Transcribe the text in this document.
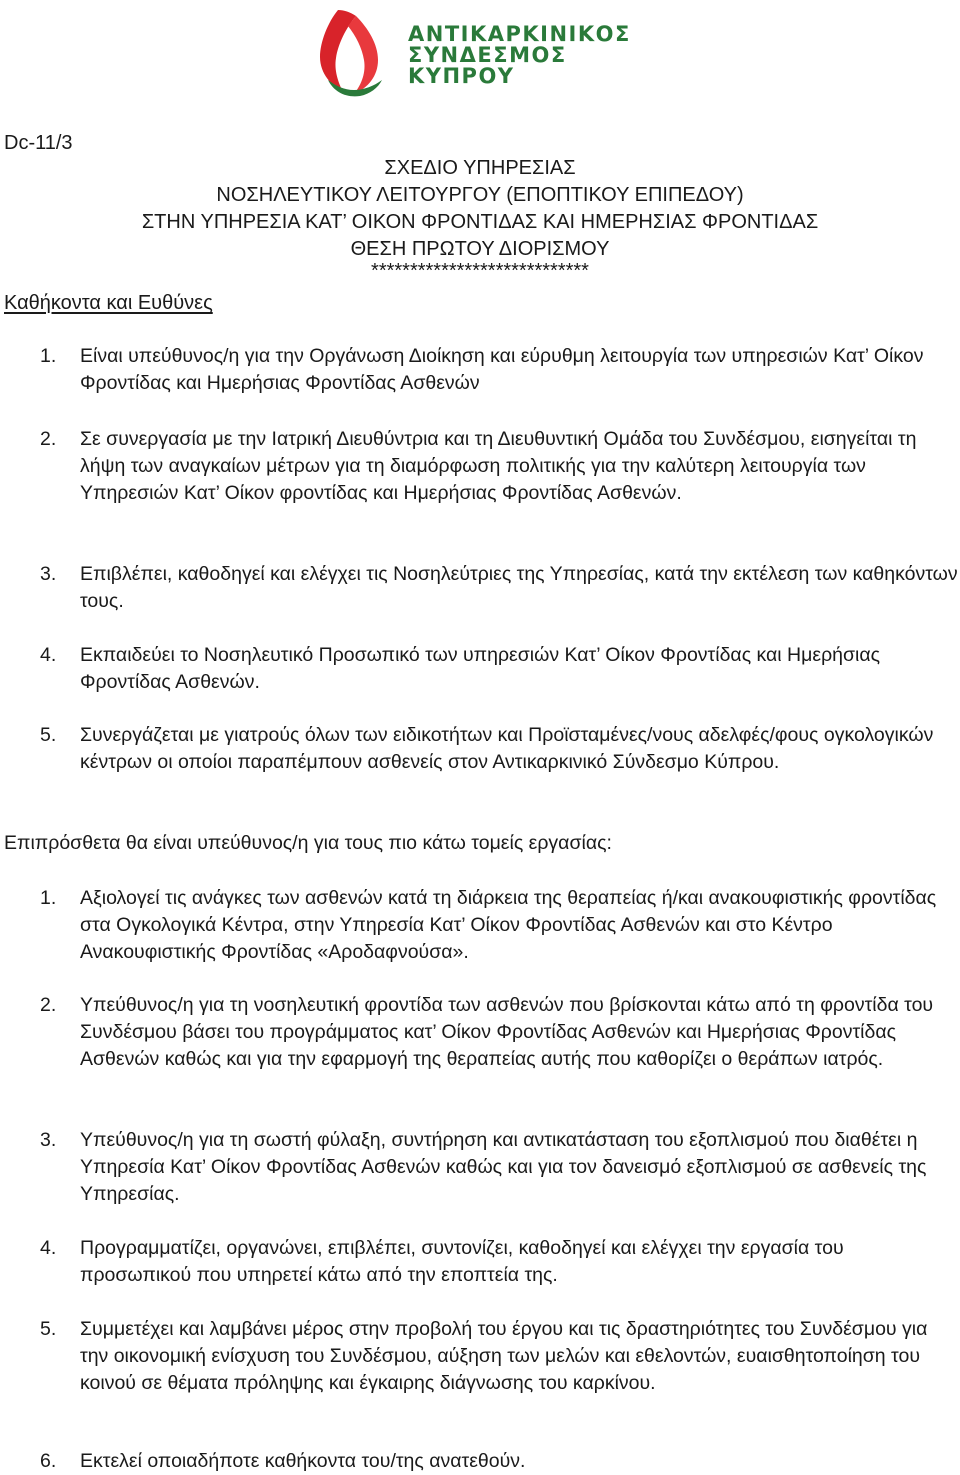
ΑΝΤΙΚΑΡΚΙΝΙΚΟΣ
ΣΥΝΔΕΣΜΟΣ
ΚΥΠΡΟΥ
Dc-11/3
ΣΧΕΔΙΟ ΥΠΗΡΕΣΙΑΣ
ΝΟΣΗΛΕΥΤΙΚΟΥ ΛΕΙΤΟΥΡΓΟΥ (ΕΠΟΠΤΙΚΟΥ ΕΠΙΠΕΔΟΥ)
ΣΤΗΝ ΥΠΗΡΕΣΙΑ ΚΑΤ’ ΟΙΚΟΝ ΦΡΟΝΤΙΔΑΣ ΚΑΙ ΗΜΕΡΗΣΙΑΣ ΦΡΟΝΤΙΔΑΣ
ΘΕΣΗ ΠΡΩΤΟΥ ΔΙΟΡΙΣΜΟΥ
****************************
Καθήκοντα και Ευθύνες
1. Είναι υπεύθυνος/η για την Οργάνωση Διοίκηση και εύρυθμη λειτουργία των υπηρεσιών Κατ’ Οίκον Φροντίδας και Ημερήσιας Φροντίδας Ασθενών
2. Σε συνεργασία με την Ιατρική Διευθύντρια και τη Διευθυντική Ομάδα του Συνδέσμου, εισηγείται τη λήψη των αναγκαίων μέτρων για τη διαμόρφωση πολιτικής για την καλύτερη λειτουργία των Υπηρεσιών Κατ’ Οίκον φροντίδας και Ημερήσιας Φροντίδας Ασθενών.
3. Επιβλέπει, καθοδηγεί και ελέγχει τις Νοσηλεύτριες της Υπηρεσίας, κατά την εκτέλεση των καθηκόντων τους.
4. Εκπαιδεύει το Νοσηλευτικό Προσωπικό των υπηρεσιών Κατ’ Οίκον Φροντίδας και Ημερήσιας Φροντίδας Ασθενών.
5. Συνεργάζεται με γιατρούς όλων των ειδικοτήτων και Προϊσταμένες/νους αδελφές/φους ογκολογικών κέντρων οι οποίοι παραπέμπουν ασθενείς στον Αντικαρκινικό Σύνδεσμο Κύπρου.
Επιπρόσθετα θα είναι υπεύθυνος/η για τους πιο κάτω τομείς εργασίας:
1. Αξιολογεί τις ανάγκες των ασθενών κατά τη διάρκεια της θεραπείας ή/και ανακουφιστικής φροντίδας στα Ογκολογικά Κέντρα, στην Υπηρεσία Κατ’ Οίκον Φροντίδας Ασθενών και στο Κέντρο Ανακουφιστικής Φροντίδας «Αροδαφνούσα».
2. Υπεύθυνος/η για τη νοσηλευτική φροντίδα των ασθενών που βρίσκονται κάτω από τη φροντίδα του Συνδέσμου βάσει του προγράμματος κατ’ Οίκον Φροντίδας Ασθενών και Ημερήσιας Φροντίδας Ασθενών καθώς και για την εφαρμογή της θεραπείας αυτής που καθορίζει ο θεράπων ιατρός.
3. Υπεύθυνος/η για τη σωστή φύλαξη, συντήρηση και αντικατάσταση του εξοπλισμού που διαθέτει η Υπηρεσία Κατ’ Οίκον Φροντίδας Ασθενών καθώς και για τον δανεισμό εξοπλισμού σε ασθενείς της Υπηρεσίας.
4. Προγραμματίζει, οργανώνει, επιβλέπει, συντονίζει, καθοδηγεί και ελέγχει την εργασία του προσωπικού που υπηρετεί κάτω από την εποπτεία της.
5. Συμμετέχει και λαμβάνει μέρος στην προβολή του έργου και τις δραστηριότητες του Συνδέσμου για την οικονομική ενίσχυση του Συνδέσμου, αύξηση των μελών και εθελοντών, ευαισθητοποίηση του κοινού σε θέματα πρόληψης και έγκαιρης διάγνωσης του καρκίνου.
6. Εκτελεί οποιαδήποτε καθήκοντα του/της ανατεθούν.
